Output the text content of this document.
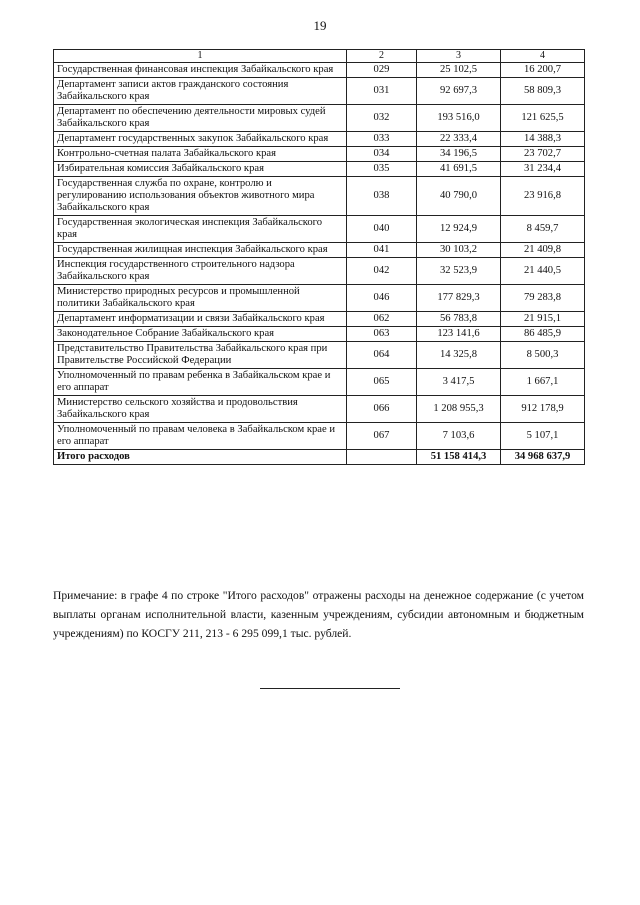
19
1	2	3	4
Государственная финансовая инспекция Забайкальского края	029	25 102,5	16 200,7
Департамент записи актов гражданского состояния Забайкальского края	031	92 697,3	58 809,3
Департамент по обеспечению деятельности мировых судей Забайкальского края	032	193 516,0	121 625,5
Департамент государственных закупок Забайкальского края	033	22 333,4	14 388,3
Контрольно-счетная палата Забайкальского края	034	34 196,5	23 702,7
Избирательная комиссия Забайкальского края	035	41 691,5	31 234,4
Государственная служба по охране, контролю и регулированию использования объектов животного мира Забайкальского края	038	40 790,0	23 916,8
Государственная экологическая инспекция Забайкальского края	040	12 924,9	8 459,7
Государственная жилищная инспекция Забайкальского края	041	30 103,2	21 409,8
Инспекция государственного строительного надзора Забайкальского края	042	32 523,9	21 440,5
Министерство природных ресурсов и промышленной политики Забайкальского края	046	177 829,3	79 283,8
Департамент информатизации и связи Забайкальского края	062	56 783,8	21 915,1
Законодательное Собрание Забайкальского края	063	123 141,6	86 485,9
Представительство Правительства Забайкальского края при Правительстве Российской Федерации	064	14 325,8	8 500,3
Уполномоченный по правам ребенка в Забайкальском крае и его аппарат	065	3 417,5	1 667,1
Министерство сельского хозяйства и продовольствия Забайкальского края	066	1 208 955,3	912 178,9
Уполномоченный по правам человека в Забайкальском крае и его аппарат	067	7 103,6	5 107,1
Итого расходов		51 158 414,3	34 968 637,9
Примечание: в графе 4 по строке "Итого расходов" отражены расходы на денежное содержание (с учетом выплаты органам исполнительной власти, казенным учреждениям, субсидии автономным и бюджетным учреждениям) по КОСГУ 211, 213 - 6 295 099,1 тыс. рублей.
